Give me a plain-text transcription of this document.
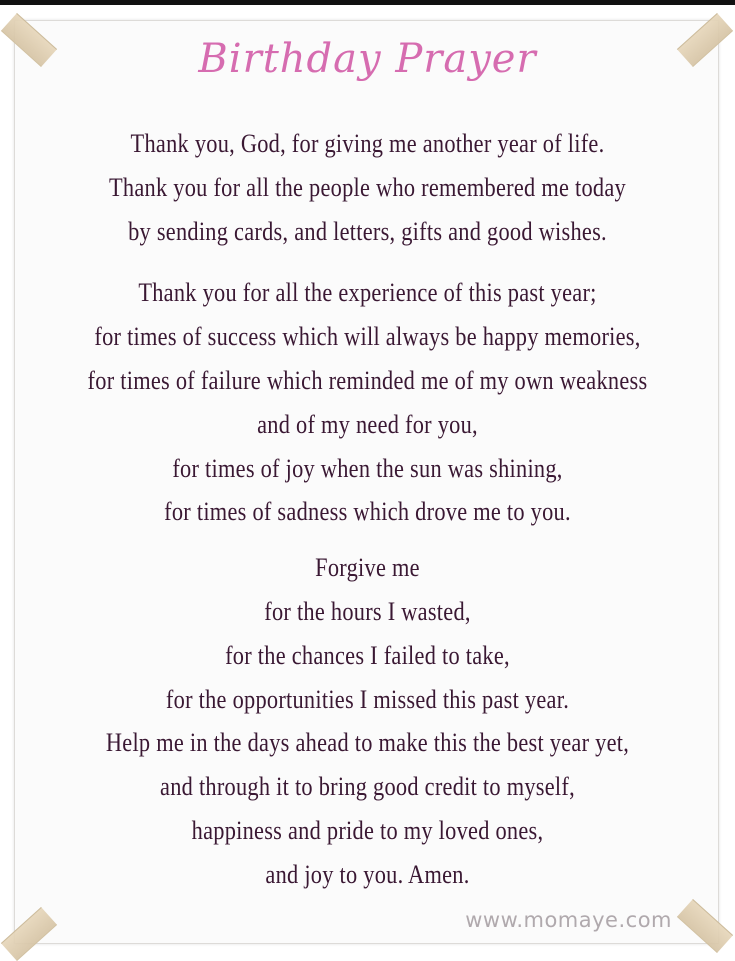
Birthday Prayer
Thank you, God, for giving me another year of life.
Thank you for all the people who remembered me today
by sending cards, and letters, gifts and good wishes.
Thank you for all the experience of this past year;
for times of success which will always be happy memories,
for times of failure which reminded me of my own weakness
and of my need for you,
for times of joy when the sun was shining,
for times of sadness which drove me to you.
Forgive me
for the hours I wasted,
for the chances I failed to take,
for the opportunities I missed this past year.
Help me in the days ahead to make this the best year yet,
and through it to bring good credit to myself,
happiness and pride to my loved ones,
and joy to you. Amen.
www.momaye.com
